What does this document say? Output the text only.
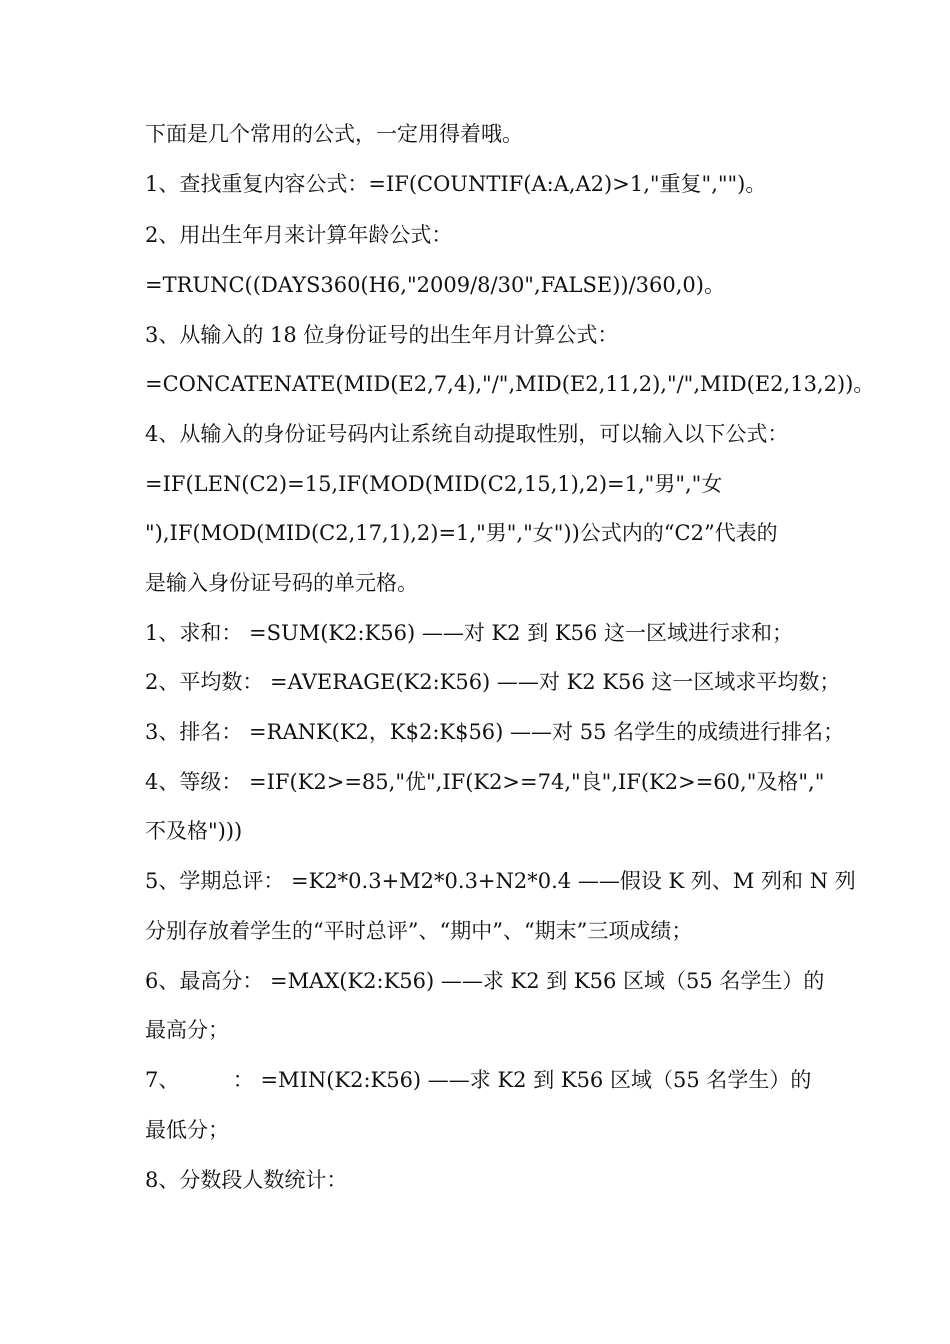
下面是几个常用的公式，一定用得着哦。
1、查找重复内容公式：=IF(COUNTIF(A:A,A2)>1,"重复","")。
2、用出生年月来计算年龄公式：
=TRUNC((DAYS360(H6,"2009/8/30",FALSE))/360,0)。
3、从输入的 18 位身份证号的出生年月计算公式：
=CONCATENATE(MID(E2,7,4),"/",MID(E2,11,2),"/",MID(E2,13,2))。
4、从输入的身份证号码内让系统自动提取性别，可以输入以下公式：
=IF(LEN(C2)=15,IF(MOD(MID(C2,15,1),2)=1,"男","女
"),IF(MOD(MID(C2,17,1),2)=1,"男","女"))公式内的“C2”代表的
是输入身份证号码的单元格。
1、求和： =SUM(K2:K56) ——对 K2 到 K56 这一区域进行求和；
2、平均数： =AVERAGE(K2:K56) ——对 K2 K56 这一区域求平均数；
3、排名： =RANK(K2，K$2:K$56) ——对 55 名学生的成绩进行排名；
4、等级： =IF(K2>=85,"优",IF(K2>=74,"良",IF(K2>=60,"及格","
不及格")))
5、学期总评： =K2*0.3+M2*0.3+N2*0.4 ——假设 K 列、M 列和 N 列
分别存放着学生的“平时总评”、“期中”、“期末”三项成绩；
6、最高分： =MAX(K2:K56) ——求 K2 到 K56 区域（55 名学生）的
最高分；
7、        ： =MIN(K2:K56) ——求 K2 到 K56 区域（55 名学生）的
最低分；
8、分数段人数统计：
